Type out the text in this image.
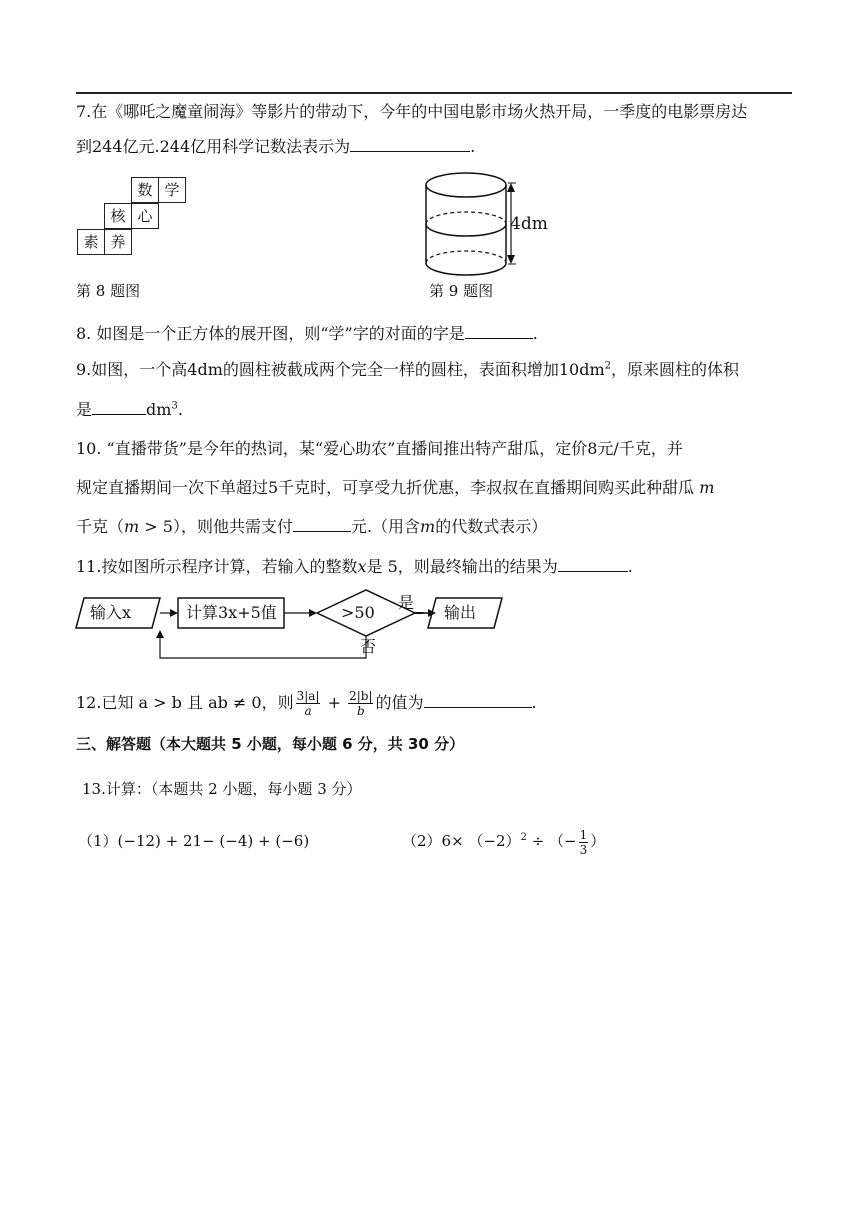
7.在《哪吒之魔童闹海》等影片的带动下，今年的中国电影市场火热开局，一季度的电影票房达
到244亿元.244亿用科学记数法表示为	.
数 学
核 心
素 养
第 8 题图
4dm
第 9 题图
8. 如图是一个正方体的展开图，则“学”字的对面的字是	.
9.如图，一个高4dm的圆柱被截成两个完全一样的圆柱，表面积增加$10dm^2$，原来圆柱的体积
是	$dm^3$.
10. “直播带货”是今年的热词，某“爱心助农”直播间推出特产甜瓜，定价8元/千克，并
规定直播期间一次下单超过5千克时，可享受九折优惠，李叔叔在直播期间购买此种甜瓜 m
千克（m > 5），则他共需支付	元.（用含m的代数式表示）
11.按如图所示程序计算，若输入的整数x是 5，则最终输出的结果为	.
输入x	计算3x+5值	>50
是
输出
否
12.已知 a > b 且 ab ≠ 0，则 $\frac{3|a|}{a} + \frac{2|b|}{b}$ 的值为	.
三、解答题（本大题共 5 小题，每小题 6 分，共 30 分）
13.计算：（本题共 2 小题，每小题 3 分）
（1）(−12) + 21− (−4) + (−6)	$(2)6\times (-2)^2$ ÷ （− $\frac{1}{3}$ ）
